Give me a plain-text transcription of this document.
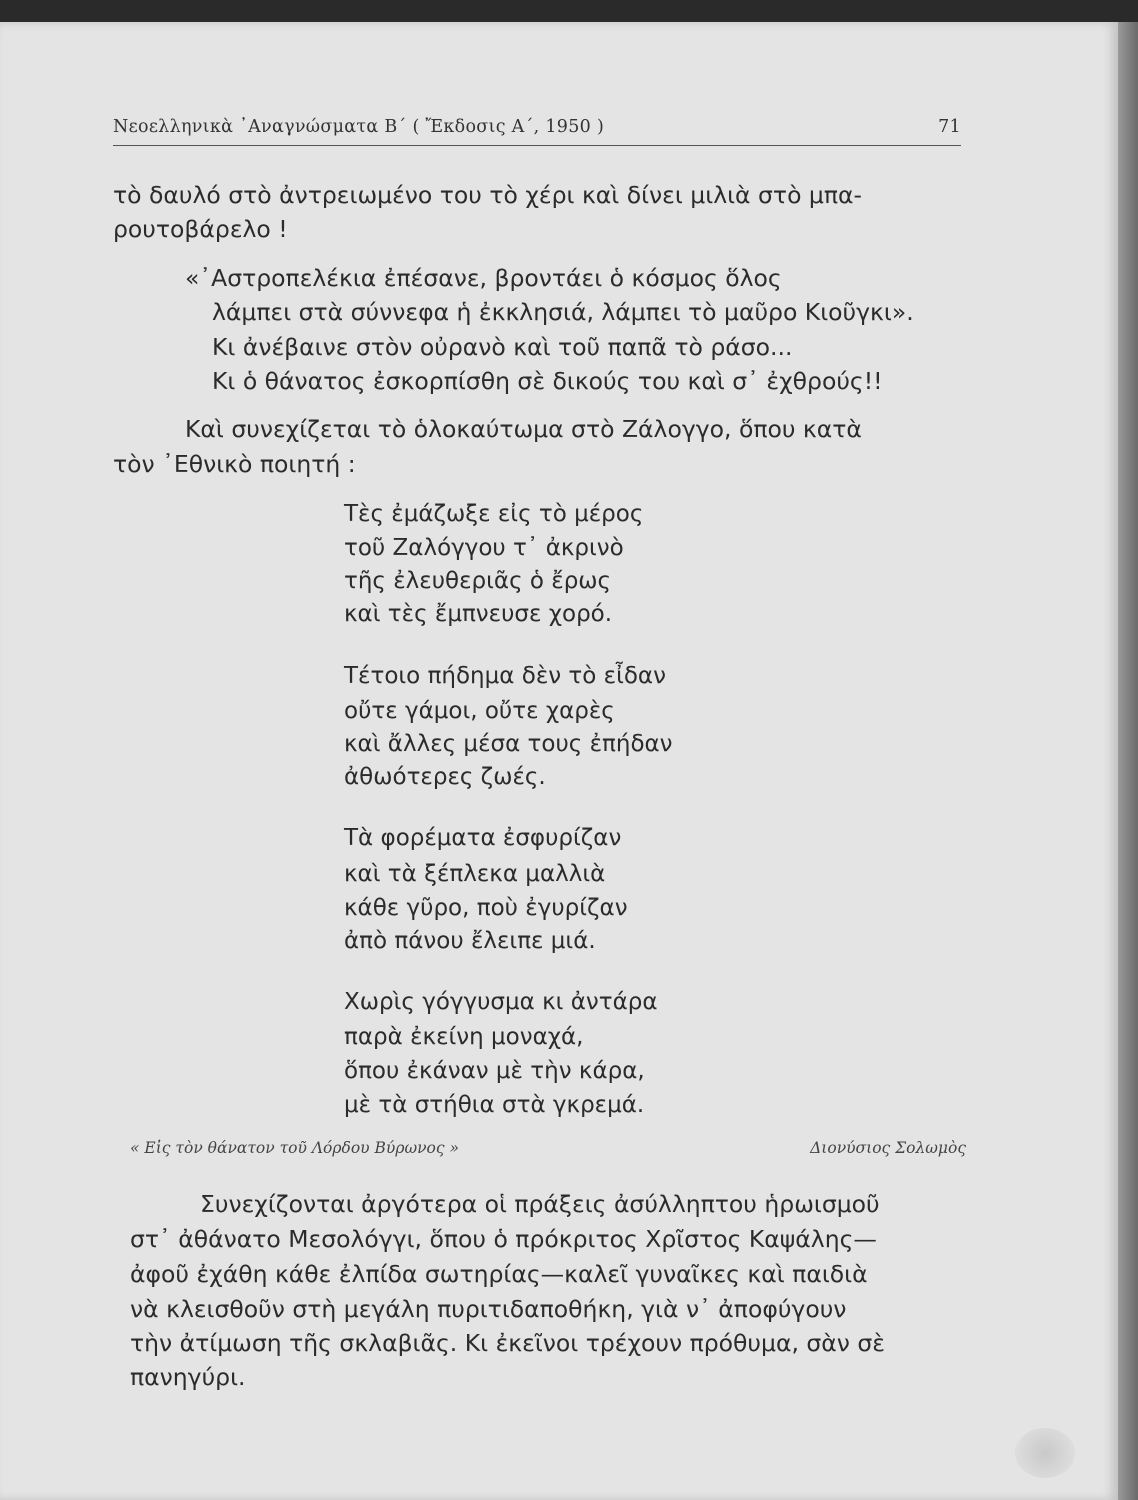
Νεοελληνικὰ ᾿Αναγνώσματα Β΄ ( Ἔκδοσις Α΄, 1950 )	71
τὸ δαυλό στὸ ἀντρειωμένο του τὸ χέρι καὶ δίνει μιλιὰ στὸ μπα-
ρουτοβάρελο !
«᾿Αστροπελέκια ἐπέσανε, βροντάει ὁ κόσμος ὅλος
λάμπει στὰ σύννεφα ἡ ἐκκλησιά, λάμπει τὸ μαῦρο Κιοῦγκι».
Κι ἀνέβαινε στὸν οὐρανὸ καὶ τοῦ παπᾶ τὸ ράσο...
Κι ὁ θάνατος ἐσκορπίσθη σὲ δικούς του καὶ σ᾿ ἐχθρούς!!
Καὶ συνεχίζεται τὸ ὁλοκαύτωμα στὸ Ζάλογγο, ὅπου κατὰ
τὸν ᾿Εθνικὸ ποιητή :
Τὲς ἐμάζωξε εἰς τὸ μέρος
τοῦ Ζαλόγγου τ᾿ ἀκρινὸ
τῆς ἐλευθεριᾶς ὁ ἔρως
καὶ τὲς ἔμπνευσε χορό.
Τέτοιο πήδημα δὲν τὸ εἶδαν
οὔτε γάμοι, οὔτε χαρὲς
καὶ ἄλλες μέσα τους ἐπήδαν
ἀθωότερες ζωές.
Τὰ φορέματα ἐσφυρίζαν
καὶ τὰ ξέπλεκα μαλλιὰ
κάθε γῦρο, ποὺ ἐγυρίζαν
ἀπὸ πάνου ἔλειπε μιά.
Χωρὶς γόγγυσμα κι ἀντάρα
παρὰ ἐκείνη μοναχά,
ὅπου ἐκάναν μὲ τὴν κάρα,
μὲ τὰ στήθια στὰ γκρεμά.
« Εἰς τὸν θάνατον τοῦ Λόρδου Βύρωνος »	Διονύσιος Σολωμὸς
Συνεχίζονται ἀργότερα οἱ πράξεις ἀσύλληπτου ἡρωισμοῦ
στ᾿ ἀθάνατο Μεσολόγγι, ὅπου ὁ πρόκριτος Χρῖστος Καψάλης—
ἀφοῦ ἐχάθη κάθε ἐλπίδα σωτηρίας—καλεῖ γυναῖκες καὶ παιδιὰ
νὰ κλεισθοῦν στὴ μεγάλη πυριτιδαποθήκη, γιὰ ν᾿ ἀποφύγουν
τὴν ἀτίμωση τῆς σκλαβιᾶς. Κι ἐκεῖνοι τρέχουν πρόθυμα, σὰν σὲ
πανηγύρι.
